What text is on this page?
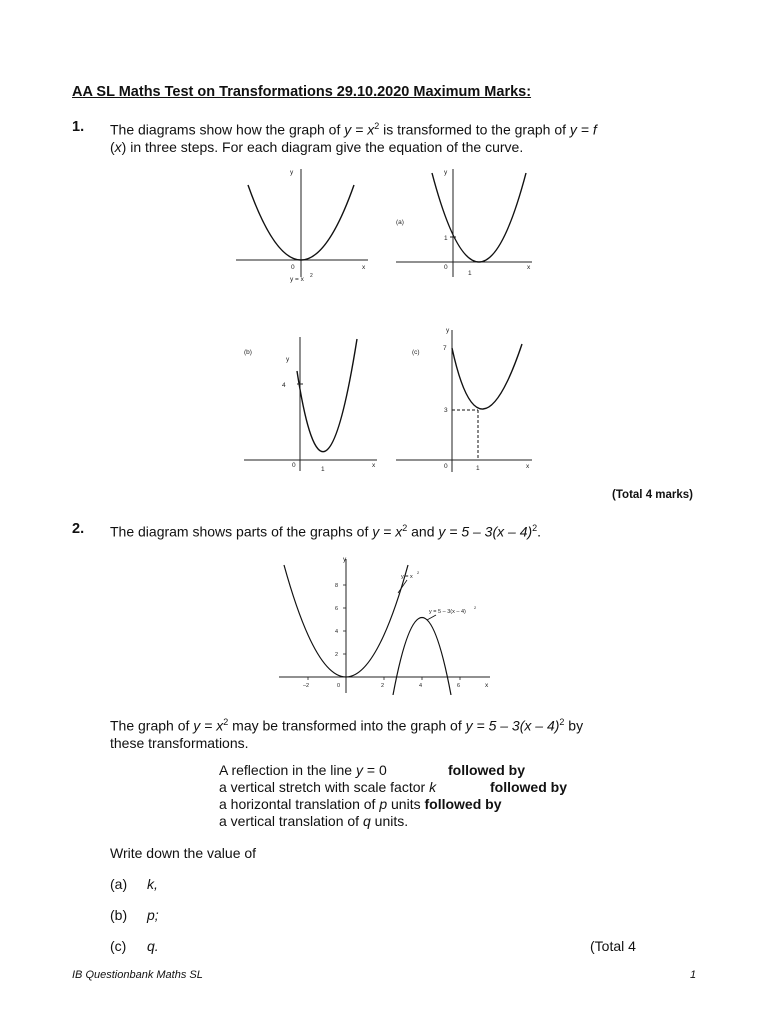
AA SL Maths Test on Transformations 29.10.2020 Maximum Marks:
1. The diagrams show how the graph of $y = x^2$ is transformed to the graph of y = f
(x) in three steps. For each diagram give the equation of the curve.
y
x
0
y = x 2
y
x
0
1
1
(a)
y
x
0
1
4
(b)
y
x
0	1
3
7
(c)
(Total 4 marks)
2. The diagram shows parts of the graphs of $y = x^2$ and y = 5 – 3(x – 4)$^2$.
y
x
8
6
4
2
–2	0	2	4	6
y = x
2
y = 5 – 3(x – 4)
2
The graph of $y = x^2$ may be transformed into the graph of y = 5 – 3(x – 4)$^2$ by
these transformations.
A reflection in the line y = 0	followed by
a vertical stretch with scale factor k	followed by
a horizontal translation of p units followed by
a vertical translation of q units.
Write down the value of
(a) k,
(b) p;
(c) q.	(Total 4
IB Questionbank Maths SL	1
